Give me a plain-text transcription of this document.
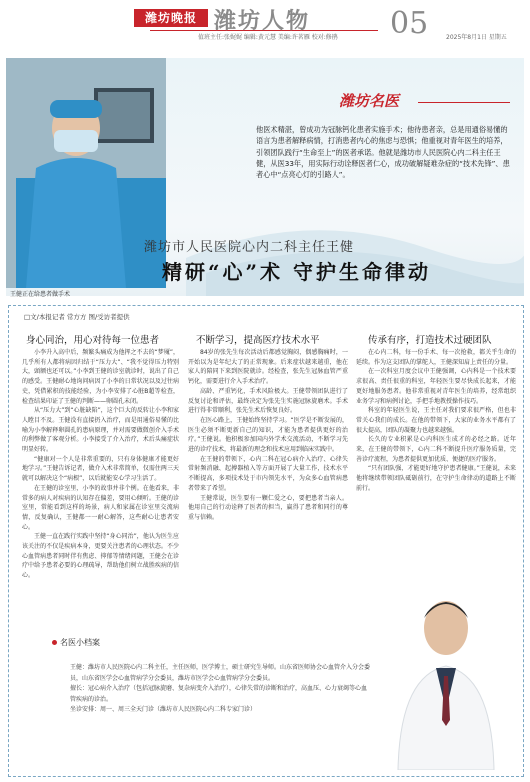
潍坊晚报 潍坊人物	05
值班主任:张娓娓 编辑:黄元慧 美编:许茗雁 校对:修鹃	2025年8月1日 星期五
王健正在给患者做手术
潍坊名医
他医术精湛，曾成功为冠脉钙化患者实施手术；他待患者亲，总是用通俗易懂的语言为患者解释病情，打消患者内心的焦虑与恐惧；他重视对青年医生的培养，引领团队践行“生命至上”的医者承诺。他就是潍坊市人民医院心内二科主任王健，从医33年，用实际行动诠释医者仁心，成功破解疑难杂症的“技术先锋”、患者心中“点亮心灯的引路人”。
潍坊市人民医院心内二科主任王健
精研“心”术 守护生命律动
□文/本报记者 常方方 图/受访者提供
身心同治，用心对待每一位患者	不断学习，提高医疗技术水平	传承有序，打造技术过硬团队

小李升入高中后，频繁头痛成为他挥之不去的“梦魇”，几乎所有人都将病因归结于“压力大”、“我不觉得压力特别大，頭额也还可以。”小李到王健的诊室就诊时，说出了自己的感受。王健耐心地询问病因了小李的日常状况以及过往病史，凭借累积的技能经验，为小李安排了心脏B超等检查，检查结果印证了王健的判断——卵圆孔未闭。

从“压力大”到“心脏缺陷”，这个巨大的反转让小李和家人瞠目不及。王健没有直接扔入治疗，而是用通俗易懂的比喻为小李解释卵圆孔的患病原理，并对需要做微创介入手术的利弊做了客观分析。小李接受了介入治疗，术后头痛症状明显好转。

“健康对一个人是非常重要的，只有身体健康才能更好地学习。”王健告诉记者，做介入术非常简单，仅需住两三天就可以解决这个“病根”，以后就能安心学习生活了。

在王健的诊室里，小李的故事并非个例。在他看来，非常多的病人对疾病的认知存在偏差，要用心倾听。王健的诊室里，常能看到这样的场景，病人和家属在诊室里交流病情，反复确认，王健都一一耐心解答，这些耐心让患者安心。

王健一直在践行实践中坚持“身心同治”，他认为医生应该关注的不仅是疾病本身，更要关注患者的心理状态。不少心血管病患者同时伴有焦虑、抑郁等情绪问题，王健会在诊疗中给予患者必要的心理疏导，帮助他们树立战胜疾病的信心。

84岁的张先生每次活动后都感觉胸闷，偶感胸痛时，一开始以为是年纪大了的正常现象。后来症状越来越重，他在家人的陪同下来到医院就诊。经检查，张先生冠脉血管严重钙化，需要进行介入手术治疗。

高龄、严重钙化，手术风险极大。王健带领团队进行了反复讨论和评估，最终决定为张先生实施冠脉旋磨术。手术进行得非常顺利，张先生术后恢复良好。

在医心路上，王健始终坚持学习。“医学是不断发展的，医生必须不断更新自己的知识，才能为患者提供更好的治疗。”王健说。他积极参加国内外学术交流活动，不断学习先进的诊疗技术，将最新的理念和技术应用到临床实践中。

在王健的带领下，心内二科在冠心病介入治疗、心律失常射频消融、起搏器植入等方面开展了大量工作，技术水平不断提高，多项技术处于市内领先水平，为众多心血管病患者带来了希望。

王健常说，医生要有一颗仁爱之心，要把患者当亲人。他用自己的行动诠释了医者的担当，赢得了患者和同行的尊重与信赖。

在心内二科，每一份手术、每一次抢救，都关乎生命的延续。作为这支团队的掌舵人，王健深知肩上责任的分量。

在一次科室月度会议中王健强调，心内科是一个技术要求很高、责任很重的科室，年轻医生要尽快成长起来，才能更好地服务患者。他非常重视对青年医生的培养，经常组织业务学习和病例讨论，手把手地教授操作技巧。

科室的年轻医生说，王主任对我们要求很严格，但也非常关心我们的成长。在他的带领下，大家的业务水平都有了很大提高，团队的凝聚力也越来越强。

长久的专业积累是心内科医生成才的必经之路。近年来，在王健的带领下，心内二科不断提升医疗服务质量，完善诊疗流程，为患者提供更加优质、便捷的医疗服务。

“只有团队强，才能更好地守护患者健康。”王健说，未来他将继续带领团队砥砺前行，在守护生命律动的道路上不断前行。

名医小档案

王健：潍坊市人民医院心内二科主任，主任医师，医学博士，硕士研究生导师。山东省医师协会心血管介入分会委员，山东省医学会心血管病学分会委员，潍坊市医学会心血管病学分会委员。

擅长：冠心病介入治疗（包括冠脉旋磨、复杂病变介入治疗），心律失常的诊断和治疗，高血压、心力衰竭等心血管疾病的诊治。

坐诊安排：周一、周三全天门诊（潍坊市人民医院心内二科专家门诊）
